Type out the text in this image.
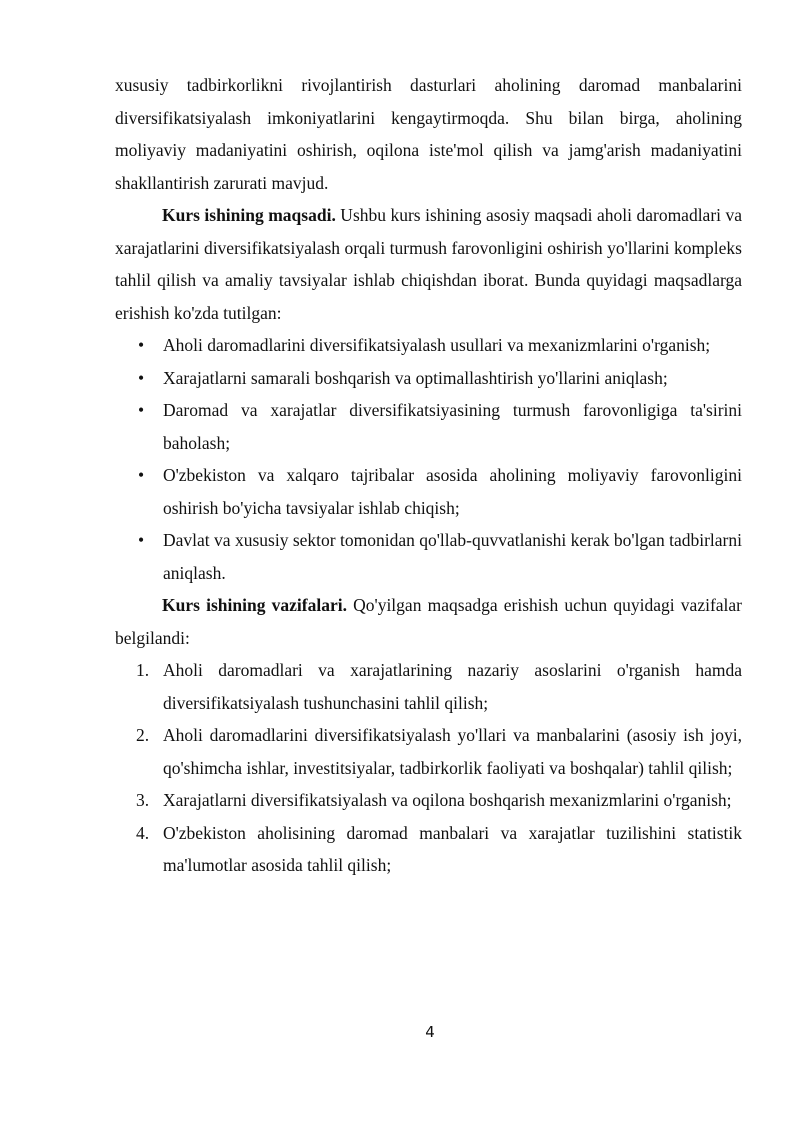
xususiy tadbirkorlikni rivojlantirish dasturlari aholining daromad manbalarini diversifikatsiyalash imkoniyatlarini kengaytirmoqda. Shu bilan birga, aholining moliyaviy madaniyatini oshirish, oqilona iste'mol qilish va jamg'arish madaniyatini shakllantirish zarurati mavjud.

Kurs ishining maqsadi. Ushbu kurs ishining asosiy maqsadi aholi daromadlari va xarajatlarini diversifikatsiyalash orqali turmush farovonligini oshirish yo'llarini kompleks tahlil qilish va amaliy tavsiyalar ishlab chiqishdan iborat. Bunda quyidagi maqsadlarga erishish ko'zda tutilgan:

• Aholi daromadlarini diversifikatsiyalash usullari va mexanizmlarini o'rganish;
• Xarajatlarni samarali boshqarish va optimallashtirish yo'llarini aniqlash;
• Daromad va xarajatlar diversifikatsiyasining turmush farovonligiga ta'sirini baholash;
• O'zbekiston va xalqaro tajribalar asosida aholining moliyaviy farovonligini oshirish bo'yicha tavsiyalar ishlab chiqish;
• Davlat va xususiy sektor tomonidan qo'llab-quvvatlanishi kerak bo'lgan tadbirlarni aniqlash.

Kurs ishining vazifalari. Qo'yilgan maqsadga erishish uchun quyidagi vazifalar belgilandi:

1. Aholi daromadlari va xarajatlarining nazariy asoslarini o'rganish hamda diversifikatsiyalash tushunchasini tahlil qilish;
2. Aholi daromadlarini diversifikatsiyalash yo'llari va manbalarini (asosiy ish joyi, qo'shimcha ishlar, investitsiyalar, tadbirkorlik faoliyati va boshqalar) tahlil qilish;
3. Xarajatlarni diversifikatsiyalash va oqilona boshqarish mexanizmlarini o'rganish;
4. O'zbekiston aholisining daromad manbalari va xarajatlar tuzilishini statistik ma'lumotlar asosida tahlil qilish;
4
